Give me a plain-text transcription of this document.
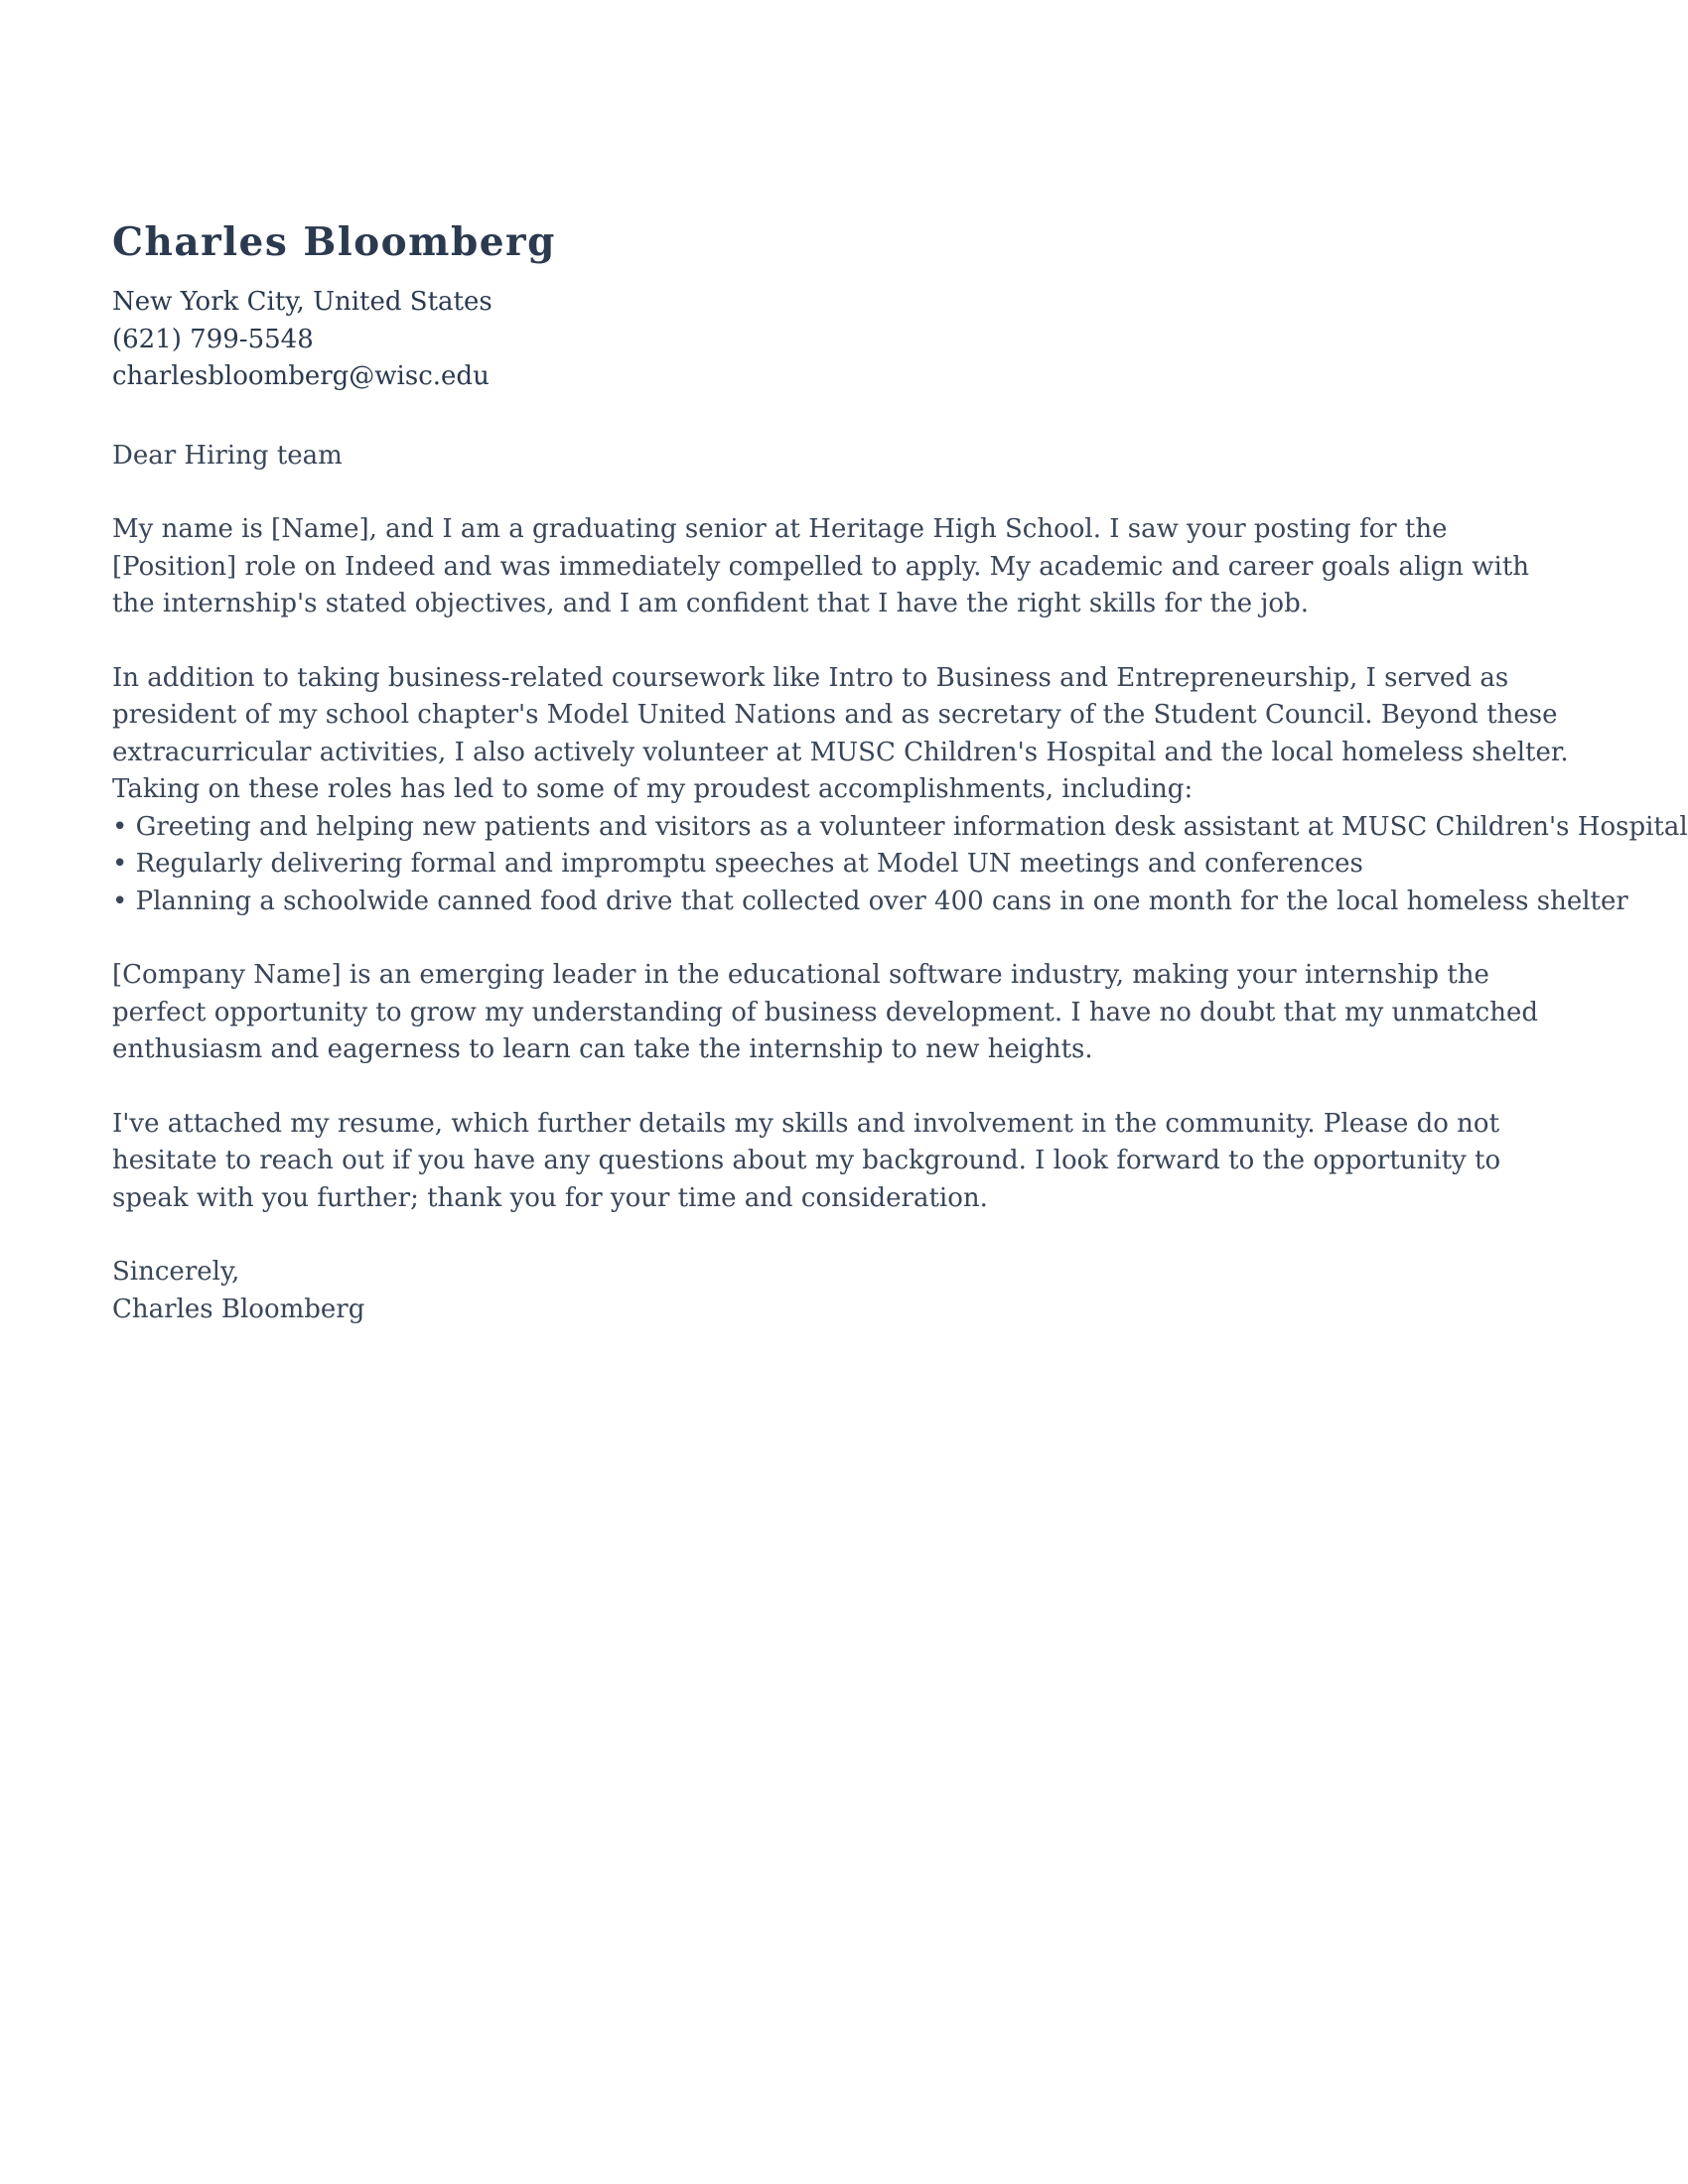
Charles Bloomberg
New York City, United States
(621) 799-5548
charlesbloomberg@wisc.edu
Dear Hiring team

My name is [Name], and I am a graduating senior at Heritage High School. I saw your posting for the [Position] role on Indeed and was immediately compelled to apply. My academic and career goals align with the internship's stated objectives, and I am confident that I have the right skills for the job.

In addition to taking business-related coursework like Intro to Business and Entrepreneurship, I served as president of my school chapter's Model United Nations and as secretary of the Student Council. Beyond these extracurricular activities, I also actively volunteer at MUSC Children's Hospital and the local homeless shelter. Taking on these roles has led to some of my proudest accomplishments, including:

• Greeting and helping new patients and visitors as a volunteer information desk assistant at MUSC Children's Hospital
• Regularly delivering formal and impromptu speeches at Model UN meetings and conferences
• Planning a schoolwide canned food drive that collected over 400 cans in one month for the local homeless shelter

[Company Name] is an emerging leader in the educational software industry, making your internship the perfect opportunity to grow my understanding of business development. I have no doubt that my unmatched enthusiasm and eagerness to learn can take the internship to new heights.

I've attached my resume, which further details my skills and involvement in the community. Please do not hesitate to reach out if you have any questions about my background. I look forward to the opportunity to speak with you further; thank you for your time and consideration.

Sincerely,
Charles Bloomberg
